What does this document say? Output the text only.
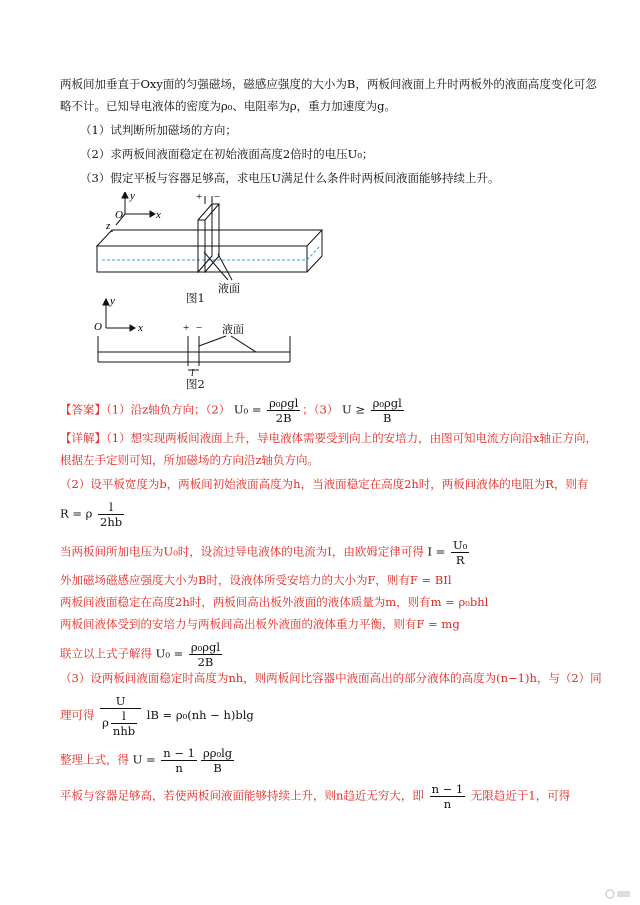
两板间加垂直于Oxy面的匀强磁场，磁感应强度的大小为B，两板间液面上升时两板外的液面高度变化可忽
略不计。已知导电液体的密度为ρ₀、电阻率为ρ，重力加速度为g。
（1）试判断所加磁场的方向；
（2）求两板间液面稳定在初始液面高度2倍时的电压U₀；
（3）假定平板与容器足够高，求电压U满足什么条件时两板间液面能够持续上升。
O	x
y
z
+ −
液面
图1
O	x
y
+ − 液面
l
图2
【答案】（1）沿z轴负方向；（2） $U_0 = \frac{\text{ρ₀ρgl}}{2B}$ ；（3） $U \ge \frac{\text{ρ₀ρgl}}{B}$
【详解】（1）想实现两板间液面上升，导电液体需要受到向上的安培力，由图可知电流方向沿x轴正方向，
根据左手定则可知，所加磁场的方向沿z轴负方向。
（2）设平板宽度为b，两板间初始液面高度为h，当液面稳定在高度2h时，两板间液体的电阻为R，则有
R = ρ $\frac{l}{2hb}$
当两板间所加电压为U₀时，设流过导电液体的电流为I，由欧姆定律可得 $I = \frac{\text{U₀}}{R}$
外加磁场磁感应强度大小为B时，设液体所受安培力的大小为F，则有F = BIl
两板间液面稳定在高度2h时，两板间高出板外液面的液体质量为m，则有m = ρ₀bhl
两板间液体受到的安培力与两板间高出板外液面的液体重力平衡，则有F = mg
联立以上式子解得 $U_0 = \frac{\text{ρ₀ρgl}}{2B}$
（3）设两板间液面稳定时高度为nh，则两板间比容器中液面高出的部分液体的高度为(n−1)h，与（2）同
理可得 $\frac{U}{\rho \frac{l}{\text{nhb}}}$ lB = ρ₀(nh − h)blg
整理上式，得 $U = \frac{n - 1}{n} \frac{\text{ρρ₀lg}}{B}$
平板与容器足够高，若使两板间液面能够持续上升，则n趋近无穷大，即 $\frac{n - 1}{n}$ 无限趋近于1，可得
